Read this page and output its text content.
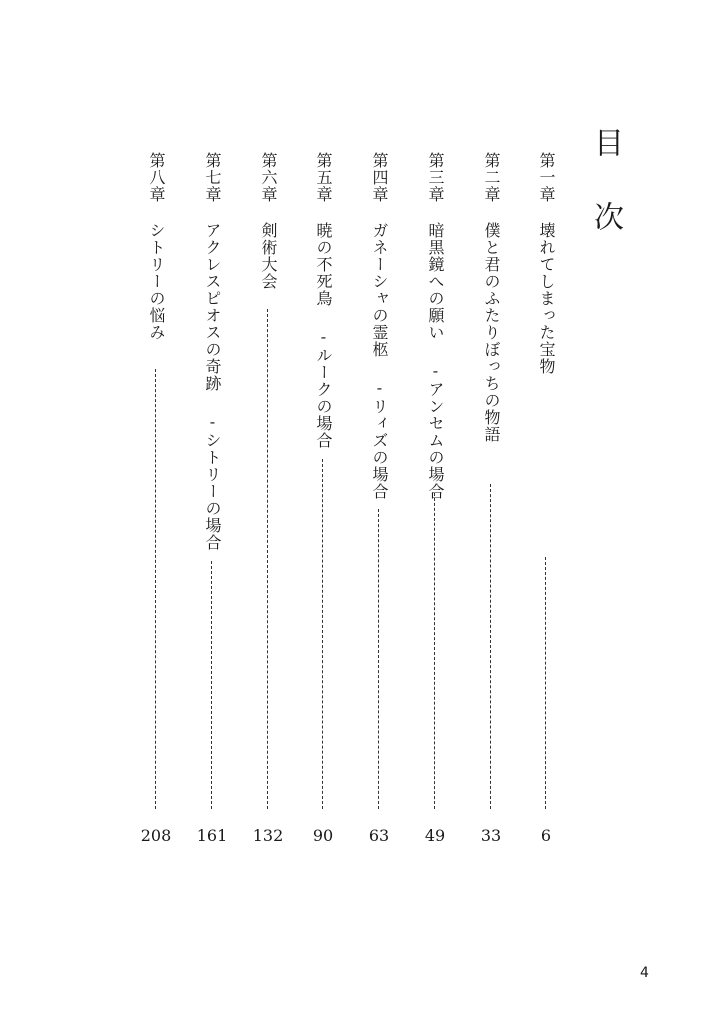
目次
第一章
壊れてしまった宝物
6
第二章
僕と君のふたりぼっちの物語
33
第三章
暗黒鏡への願い -アンセムの場合
49
第四章
ガネーシャの霊柩 -リィズの場合
63
第五章
暁の不死鳥 -ルークの場合
90
第六章
剣術大会
132
第七章
アクレスピオスの奇跡 -シトリーの場合
161
第八章
シトリーの悩み
208
4
